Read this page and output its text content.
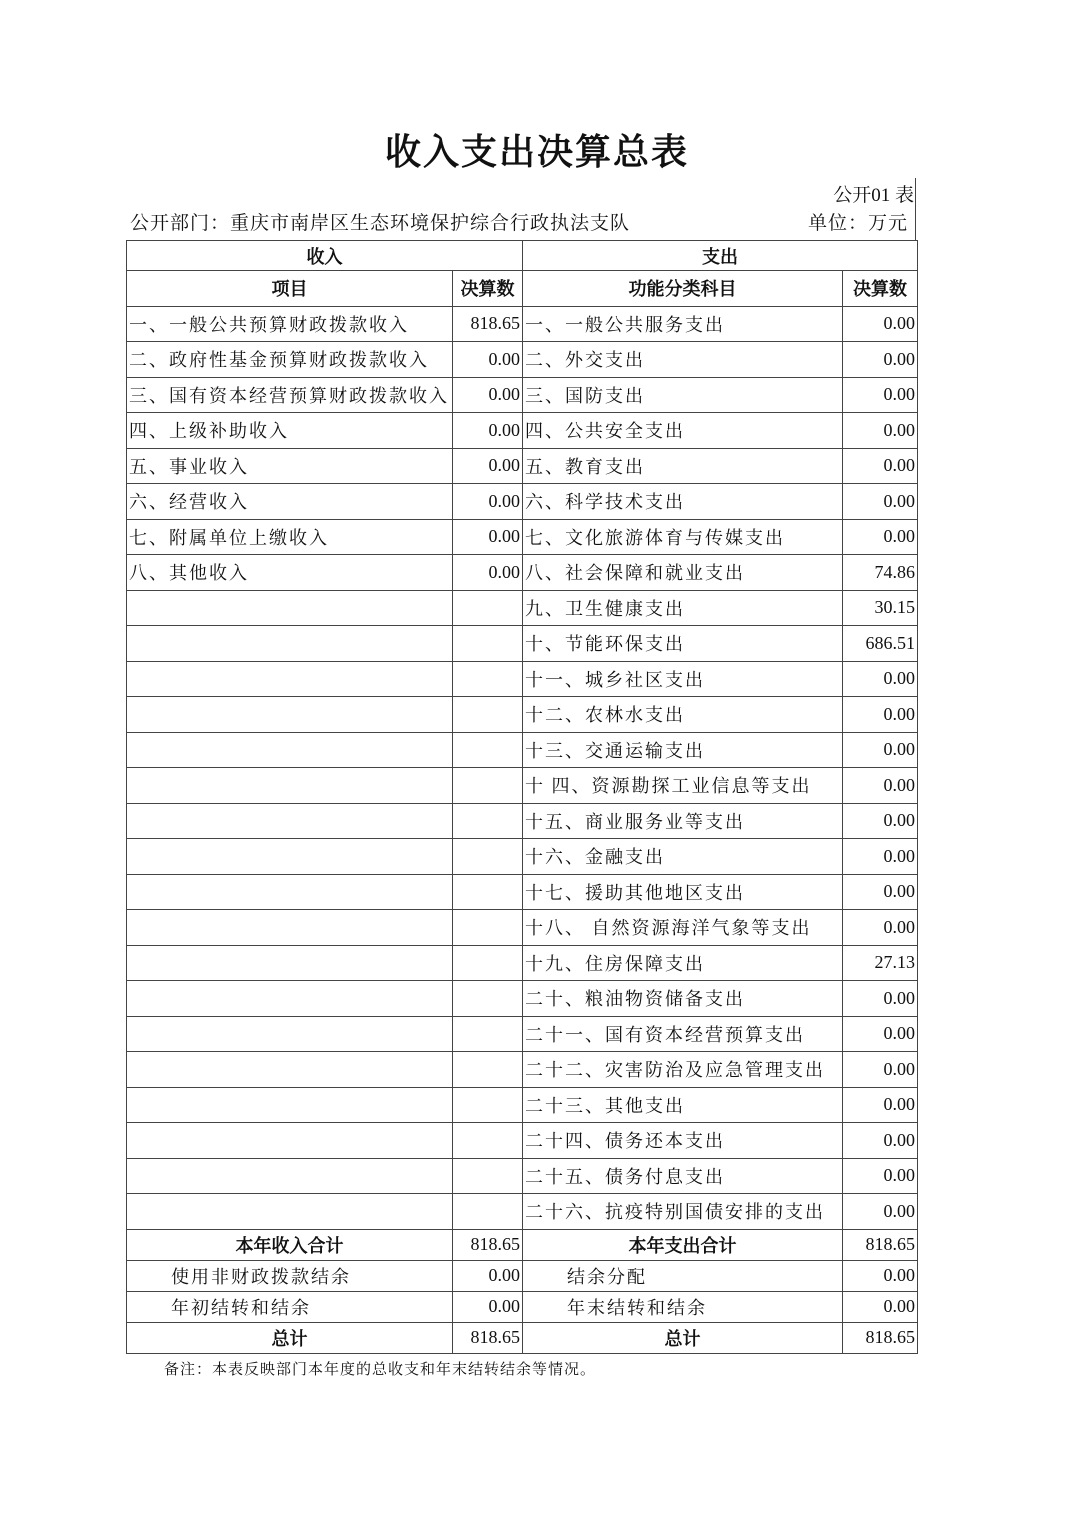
收入支出决算总表
公开01 表
公开部门：重庆市南岸区生态环境保护综合行政执法支队	单位：万元
收入		支出	
项目	决算数	功能分类科目	决算数
一、一般公共预算财政拨款收入	818.65	一、一般公共服务支出	0.00
二、政府性基金预算财政拨款收入	0.00	二、外交支出	0.00
三、国有资本经营预算财政拨款收入	0.00	三、国防支出	0.00
四、上级补助收入	0.00	四、公共安全支出	0.00
五、事业收入	0.00	五、教育支出	0.00
六、经营收入	0.00	六、科学技术支出	0.00
七、附属单位上缴收入	0.00	七、文化旅游体育与传媒支出	0.00
八、其他收入	0.00	八、社会保障和就业支出	74.86
		九、卫生健康支出	30.15
		十、节能环保支出	686.51
		十一、城乡社区支出	0.00
		十二、农林水支出	0.00
		十三、交通运输支出	0.00
		十 四、资源勘探工业信息等支出	0.00
		十五、商业服务业等支出	0.00
		十六、金融支出	0.00
		十七、援助其他地区支出	0.00
		十八、 自然资源海洋气象等支出	0.00
		十九、住房保障支出	27.13
		二十、粮油物资储备支出	0.00
		二十一、国有资本经营预算支出	0.00
		二十二、灾害防治及应急管理支出	0.00
		二十三、其他支出	0.00
		二十四、债务还本支出	0.00
		二十五、债务付息支出	0.00
		二十六、抗疫特别国债安排的支出	0.00
本年收入合计	818.65	本年支出合计	818.65
使用非财政拨款结余	0.00	结余分配	0.00
年初结转和结余	0.00	年末结转和结余	0.00
总计	818.65	总计	818.65
备注：本表反映部门本年度的总收支和年末结转结余等情况。
